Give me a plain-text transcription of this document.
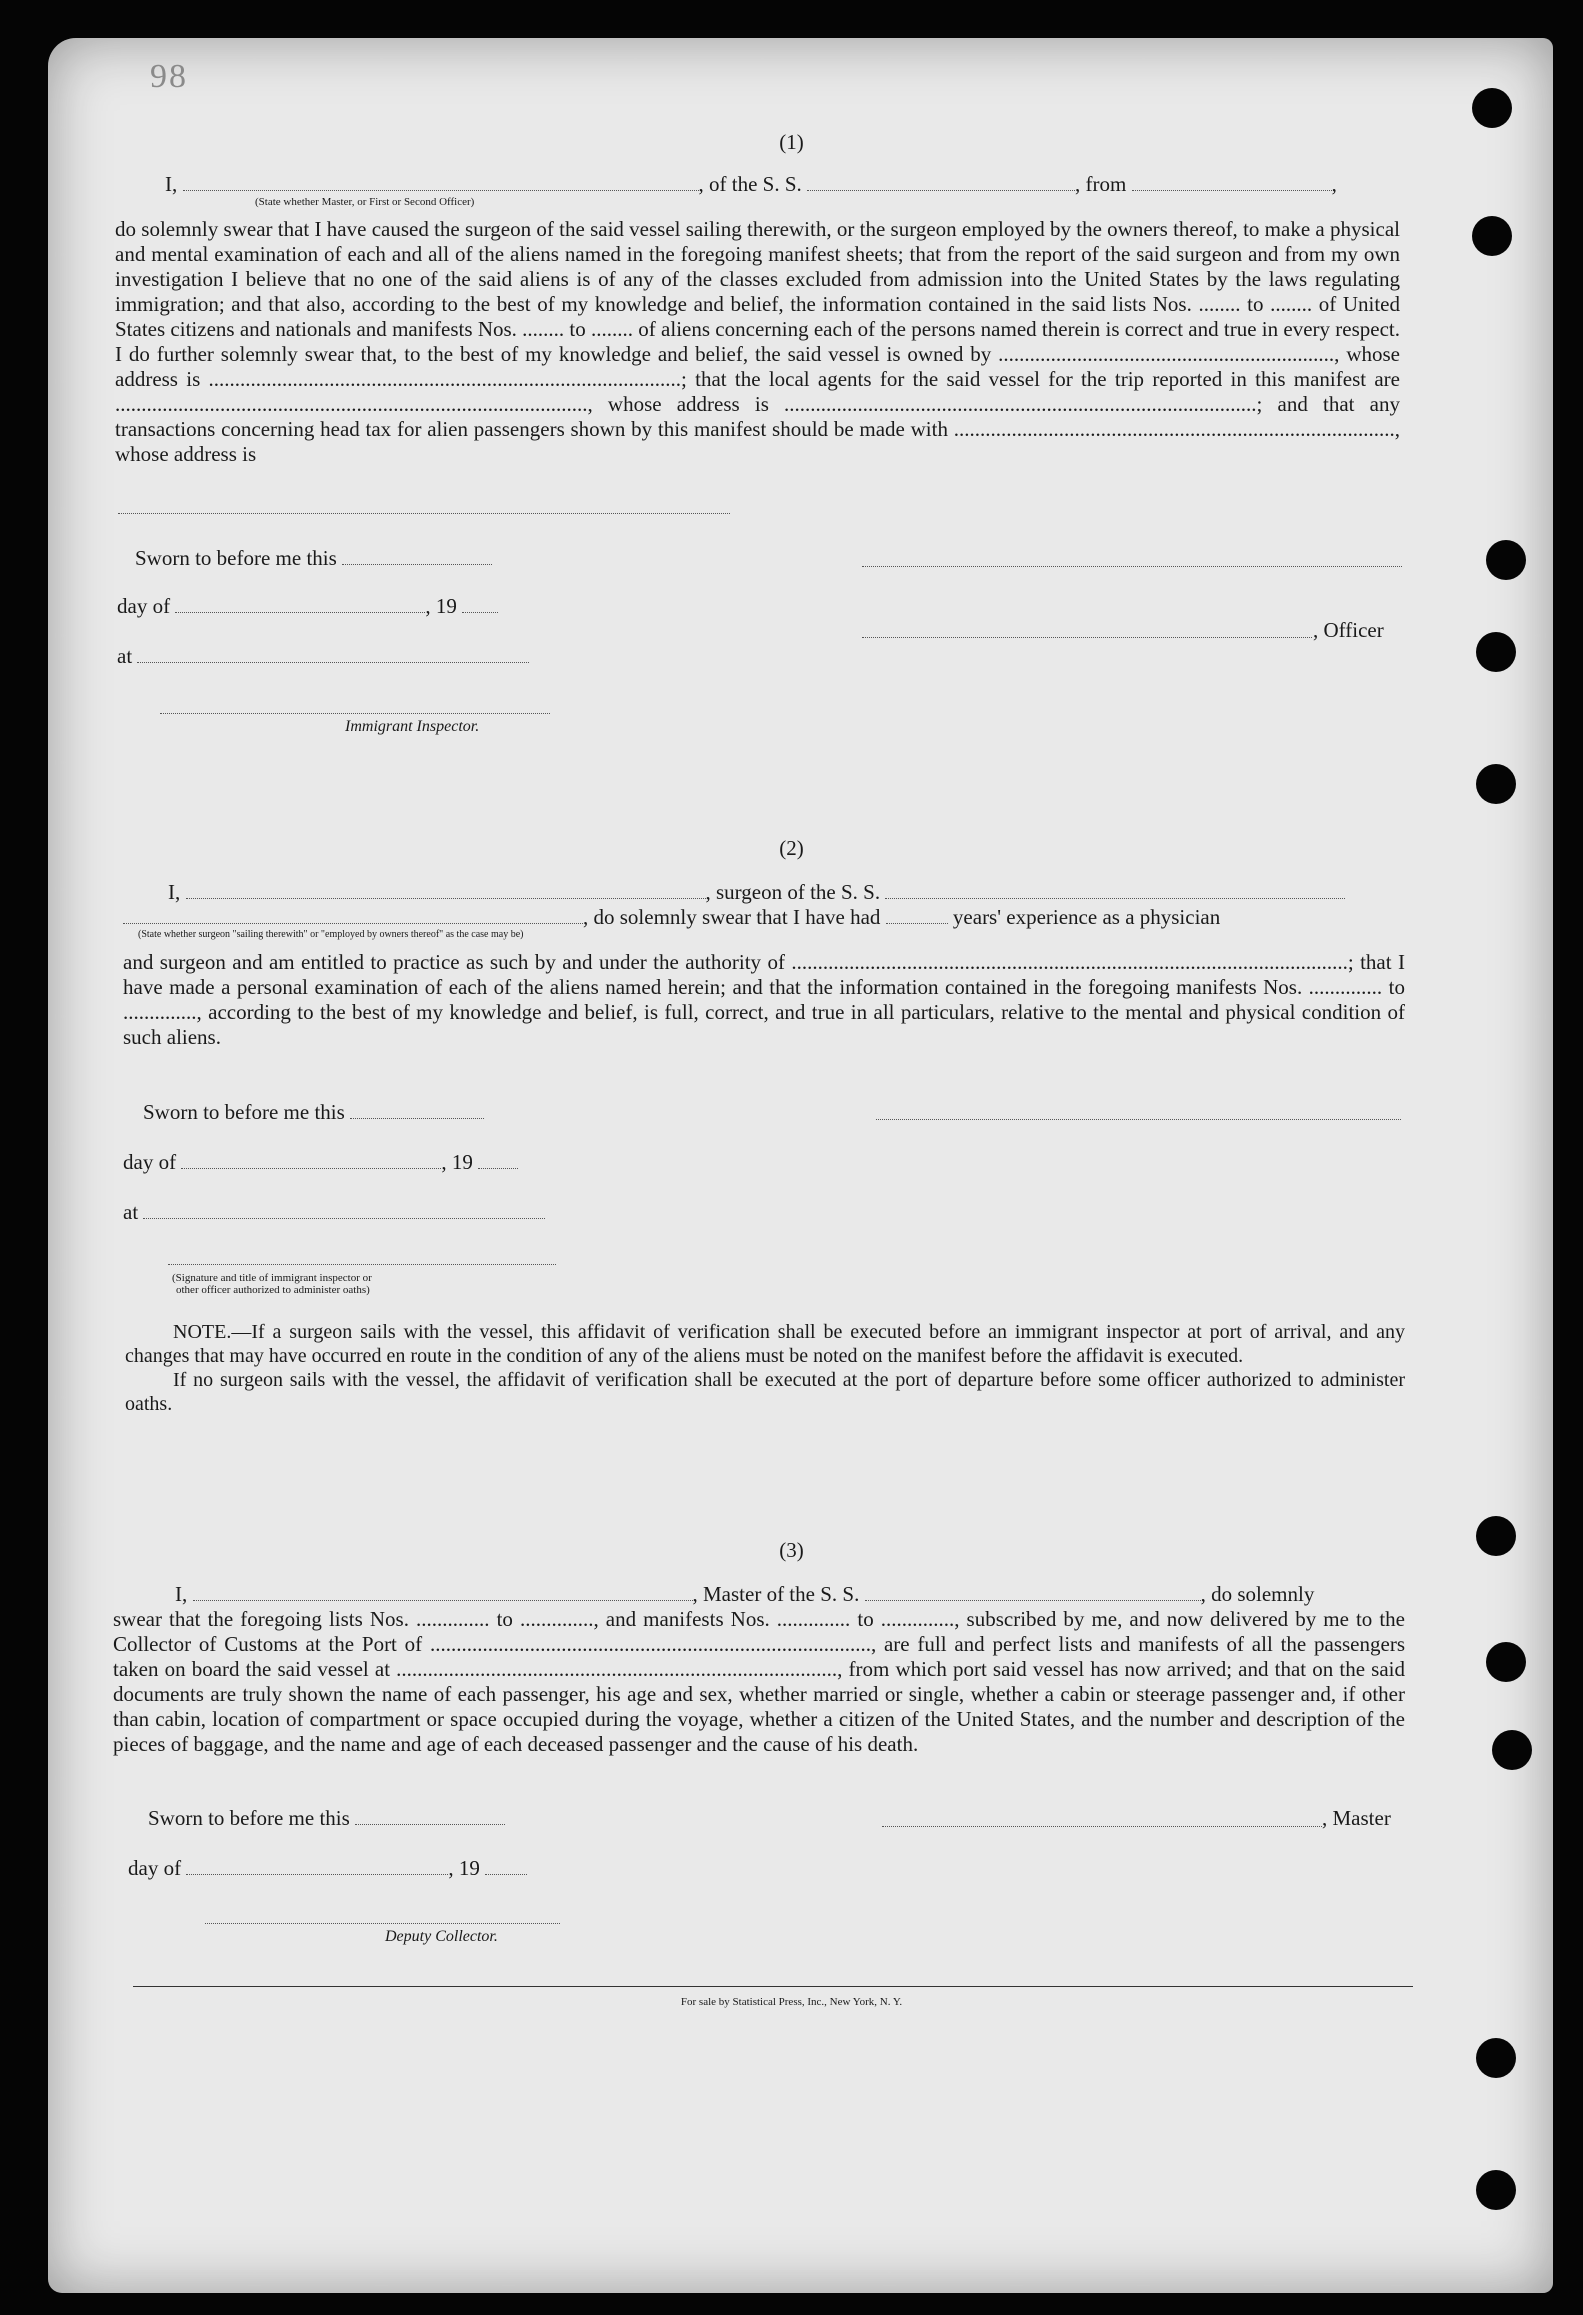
98
(1)
I,	, of the S. S.	, from	,
(State whether Master, or First or Second Officer)

do solemnly swear that I have caused the surgeon of the said vessel sailing therewith, or the surgeon employed by the owners thereof, to make a physical and mental examination of each and all of the aliens named in the foregoing manifest sheets; that from the report of the said surgeon and from my own investigation I believe that no one of the said aliens is of any of the classes excluded from admission into the United States by the laws regulating immigration; and that also, according to the best of my knowledge and belief, the information contained in the said lists Nos. ........ to ........ of United States citizens and nationals and manifests Nos. ........ to ........ of aliens concerning each of the persons named therein is correct and true in every respect. I do further solemnly swear that, to the best of my knowledge and belief, the said vessel is owned by ................................................................, whose address is ..........................................................................................; that the local agents for the said vessel for the trip reported in this manifest are .........................................................................................., whose address is ..........................................................................................; and that any transactions concerning head tax for alien passengers shown by this manifest should be made with ...................................................................................., whose address is

Sworn to before me this
day of	, 19
, Officer
at
Immigrant Inspector.
(2)
I,	, surgeon of the S. S.
, do solemnly swear that I have had	years' experience as a physician
(State whether surgeon "sailing therewith" or "employed by owners thereof" as the case may be)

and surgeon and am entitled to practice as such by and under the authority of ..........................................................................................................; that I have made a personal examination of each of the aliens named herein; and that the information contained in the foregoing manifests Nos. .............. to .............., according to the best of my knowledge and belief, is full, correct, and true in all particulars, relative to the mental and physical condition of such aliens.

Sworn to before me this
day of	, 19
at
(Signature and title of immigrant inspector or
other officer authorized to administer oaths)

NOTE.—If a surgeon sails with the vessel, this affidavit of verification shall be executed before an immigrant inspector at port of arrival, and any changes that may have occurred en route in the condition of any of the aliens must be noted on the manifest before the affidavit is executed.

If no surgeon sails with the vessel, the affidavit of verification shall be executed at the port of departure before some officer authorized to administer oaths.

(3)
I,	, Master of the S. S.	, do solemnly

swear that the foregoing lists Nos. .............. to .............., and manifests Nos. .............. to .............., subscribed by me, and now delivered by me to the Collector of Customs at the Port of ...................................................................................., are full and perfect lists and manifests of all the passengers taken on board the said vessel at ...................................................................................., from which port said vessel has now arrived; and that on the said documents are truly shown the name of each passenger, his age and sex, whether married or single, whether a cabin or steerage passenger and, if other than cabin, location of compartment or space occupied during the voyage, whether a citizen of the United States, and the number and description of the pieces of baggage, and the name and age of each deceased passenger and the cause of his death.

Sworn to before me this	, Master
day of	, 19
Deputy Collector.
For sale by Statistical Press, Inc., New York, N. Y.
